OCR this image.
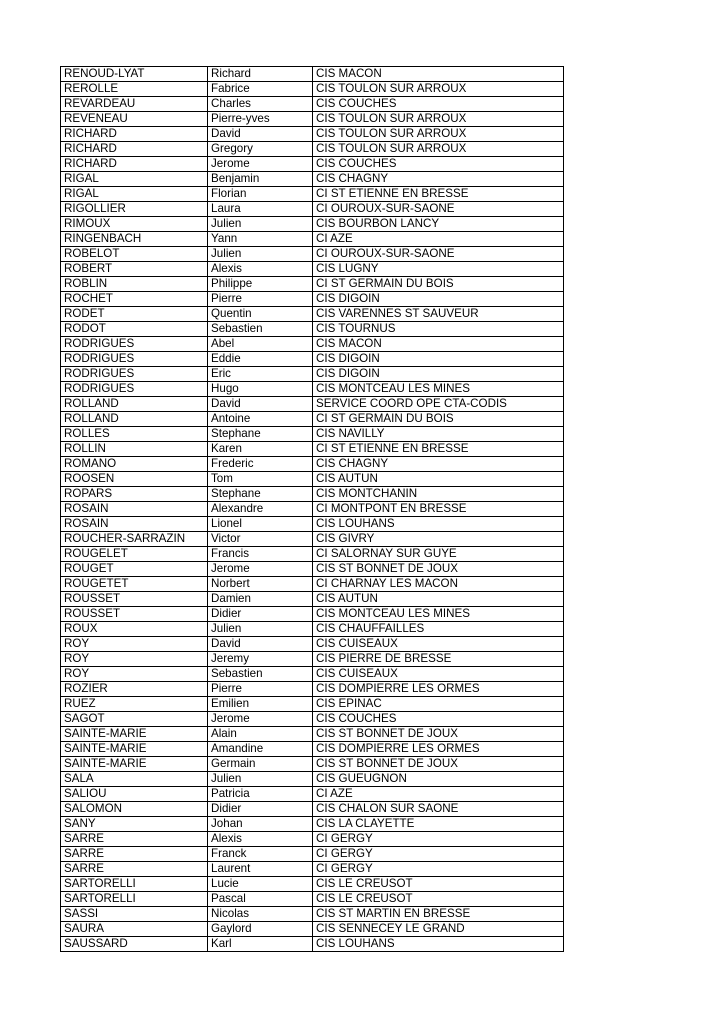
RENOUD-LYAT	Richard	CIS MACON
REROLLE	Fabrice	CIS TOULON SUR ARROUX
REVARDEAU	Charles	CIS COUCHES
REVENEAU	Pierre-yves	CIS TOULON SUR ARROUX
RICHARD	David	CIS TOULON SUR ARROUX
RICHARD	Gregory	CIS TOULON SUR ARROUX
RICHARD	Jerome	CIS COUCHES
RIGAL	Benjamin	CIS CHAGNY
RIGAL	Florian	CI ST ETIENNE EN BRESSE
RIGOLLIER	Laura	CI OUROUX-SUR-SAONE
RIMOUX	Julien	CIS BOURBON LANCY
RINGENBACH	Yann	CI AZE
ROBELOT	Julien	CI OUROUX-SUR-SAONE
ROBERT	Alexis	CIS LUGNY
ROBLIN	Philippe	CI ST GERMAIN DU BOIS
ROCHET	Pierre	CIS DIGOIN
RODET	Quentin	CIS VARENNES ST SAUVEUR
RODOT	Sebastien	CIS TOURNUS
RODRIGUES	Abel	CIS MACON
RODRIGUES	Eddie	CIS DIGOIN
RODRIGUES	Eric	CIS DIGOIN
RODRIGUES	Hugo	CIS MONTCEAU LES MINES
ROLLAND	David	SERVICE COORD OPE CTA-CODIS
ROLLAND	Antoine	CI ST GERMAIN DU BOIS
ROLLES	Stephane	CIS NAVILLY
ROLLIN	Karen	CI ST ETIENNE EN BRESSE
ROMANO	Frederic	CIS CHAGNY
ROOSEN	Tom	CIS AUTUN
ROPARS	Stephane	CIS MONTCHANIN
ROSAIN	Alexandre	CI MONTPONT EN BRESSE
ROSAIN	Lionel	CIS LOUHANS
ROUCHER-SARRAZIN	Victor	CIS GIVRY
ROUGELET	Francis	CI SALORNAY SUR GUYE
ROUGET	Jerome	CIS ST BONNET DE JOUX
ROUGETET	Norbert	CI CHARNAY LES MACON
ROUSSET	Damien	CIS AUTUN
ROUSSET	Didier	CIS MONTCEAU LES MINES
ROUX	Julien	CIS CHAUFFAILLES
ROY	David	CIS CUISEAUX
ROY	Jeremy	CIS PIERRE DE BRESSE
ROY	Sebastien	CIS CUISEAUX
ROZIER	Pierre	CIS DOMPIERRE LES ORMES
RUEZ	Emilien	CIS EPINAC
SAGOT	Jerome	CIS COUCHES
SAINTE-MARIE	Alain	CIS ST BONNET DE JOUX
SAINTE-MARIE	Amandine	CIS DOMPIERRE LES ORMES
SAINTE-MARIE	Germain	CIS ST BONNET DE JOUX
SALA	Julien	CIS GUEUGNON
SALIOU	Patricia	CI AZE
SALOMON	Didier	CIS CHALON SUR SAONE
SANY	Johan	CIS LA CLAYETTE
SARRE	Alexis	CI GERGY
SARRE	Franck	CI GERGY
SARRE	Laurent	CI GERGY
SARTORELLI	Lucie	CIS LE CREUSOT
SARTORELLI	Pascal	CIS LE CREUSOT
SASSI	Nicolas	CIS ST MARTIN EN BRESSE
SAURA	Gaylord	CIS SENNECEY LE GRAND
SAUSSARD	Karl	CIS LOUHANS
